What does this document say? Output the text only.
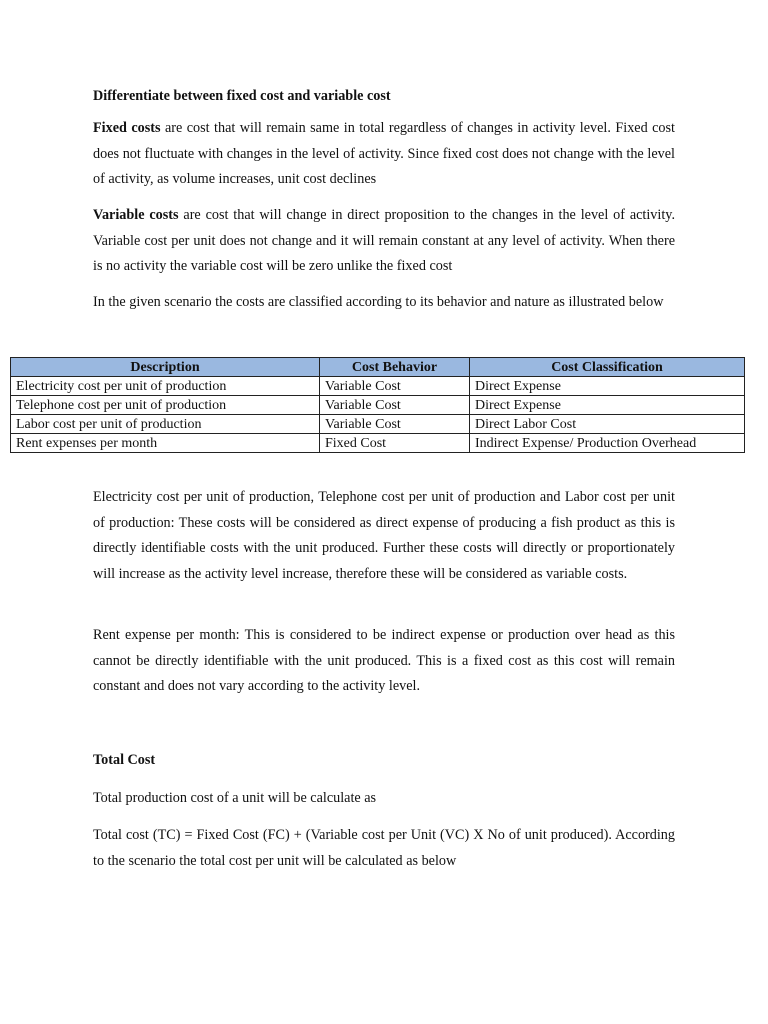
Differentiate between fixed cost and variable cost

Fixed costs are cost that will remain same in total regardless of changes in activity level. Fixed cost does not fluctuate with changes in the level of activity. Since fixed cost does not change with the level of activity, as volume increases, unit cost declines

Variable costs are cost that will change in direct proposition to the changes in the level of activity. Variable cost per unit does not change and it will remain constant at any level of activity. When there is no activity the variable cost will be zero unlike the fixed cost

In the given scenario the costs are classified according to its behavior and nature as illustrated below

Description	Cost Behavior	Cost Classification
Electricity cost per unit of production	Variable Cost	Direct Expense
Telephone cost per unit of production	Variable Cost	Direct Expense
Labor cost per unit of production	Variable Cost	Direct Labor Cost
Rent expenses per month	Fixed Cost	Indirect Expense/ Production Overhead

Electricity cost per unit of production, Telephone cost per unit of production and Labor cost per unit of production: These costs will be considered as direct expense of producing a fish product as this is directly identifiable costs with the unit produced. Further these costs will directly or proportionately will increase as the activity level increase, therefore these will be considered as variable costs.

Rent expense per month: This is considered to be indirect expense or production over head as this cannot be directly identifiable with the unit produced. This is a fixed cost as this cost will remain constant and does not vary according to the activity level.

Total Cost

Total production cost of a unit will be calculate as

Total cost (TC) = Fixed Cost (FC) + (Variable cost per Unit (VC) X No of unit produced). According to the scenario the total cost per unit will be calculated as below
